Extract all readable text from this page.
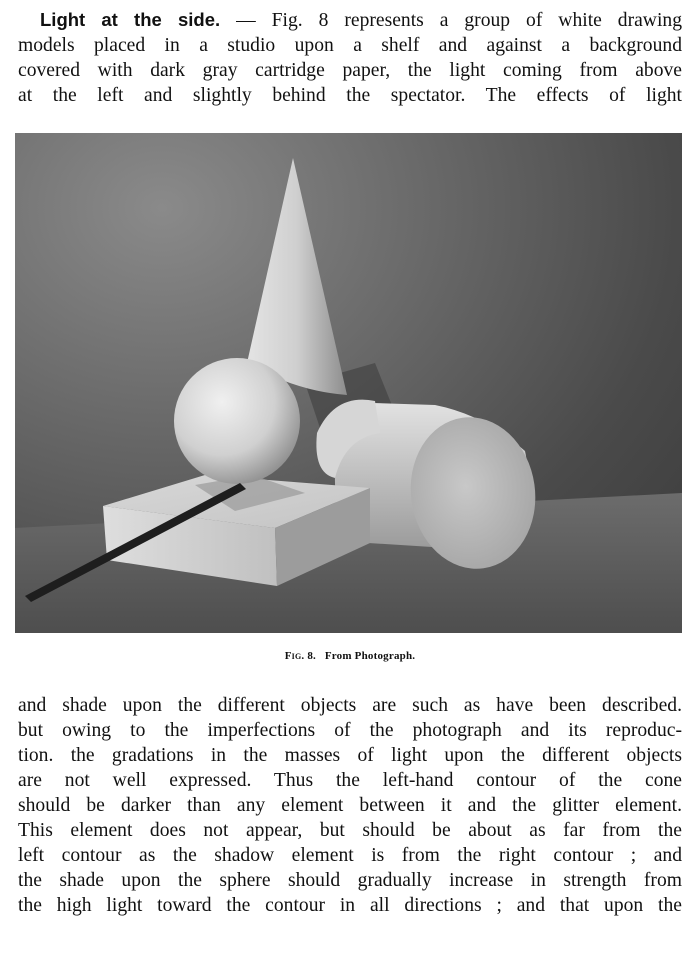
Light at the side. — Fig. 8 represents a group of white drawing
models placed in a studio upon a shelf and against a background
covered with dark gray cartridge paper, the light coming from above
at the left and slightly behind the spectator. The effects of light
Fig. 8. From Photograph.
and shade upon the different objects are such as have been described.
but owing to the imperfections of the photograph and its reproduc-
tion. the gradations in the masses of light upon the different objects
are not well expressed. Thus the left-hand contour of the cone
should be darker than any element between it and the glitter element.
This element does not appear, but should be about as far from the
left contour as the shadow element is from the right contour ; and
the shade upon the sphere should gradually increase in strength from
the high light toward the contour in all directions ; and that upon the
